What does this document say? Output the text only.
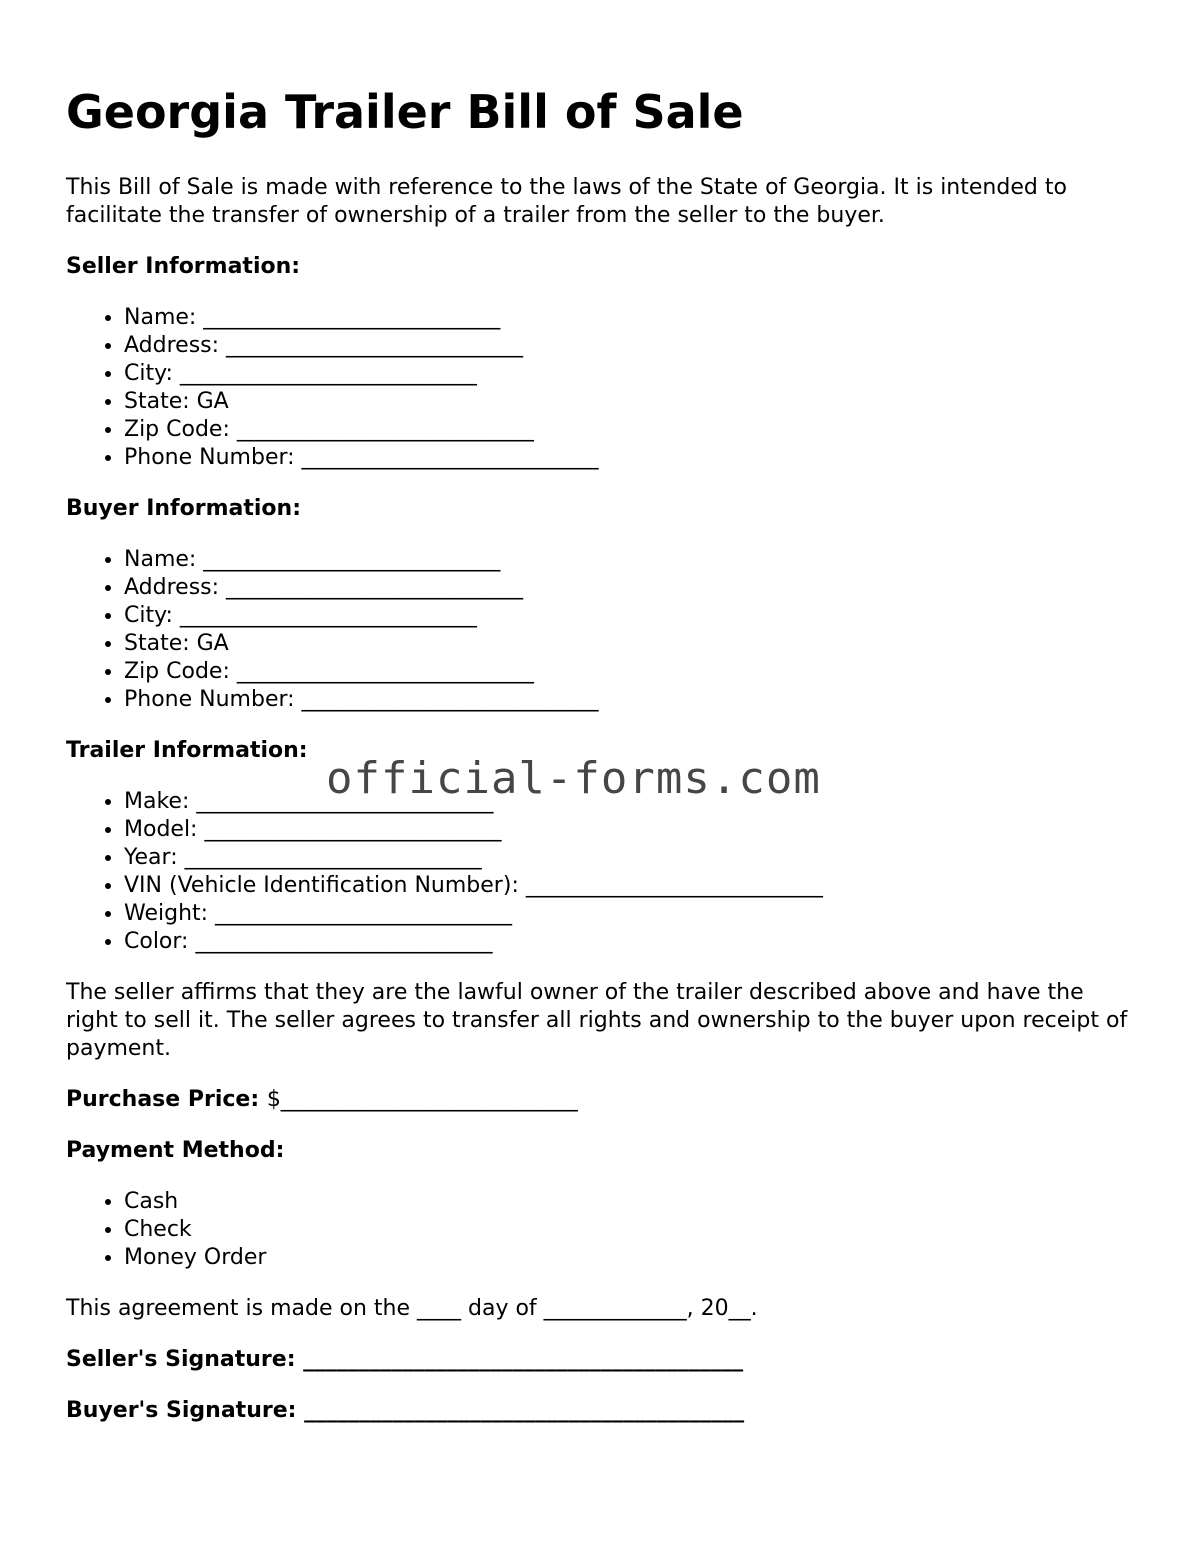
Georgia Trailer Bill of Sale

This Bill of Sale is made with reference to the laws of the State of Georgia. It is intended to facilitate the transfer of ownership of a trailer from the seller to the buyer.

Seller Information:
• Name: ___________________________
• Address: ___________________________
• City: ___________________________
• State: GA
• Zip Code: ___________________________
• Phone Number: ___________________________
Buyer Information:
• Name: ___________________________
• Address: ___________________________
• City: ___________________________
• State: GA
• Zip Code: ___________________________
• Phone Number: ___________________________
Trailer Information:
• Make: ___________________________
• Model: ___________________________
• Year: ___________________________
• VIN (Vehicle Identification Number): ___________________________
• Weight: ___________________________
• Color: ___________________________

The seller affirms that they are the lawful owner of the trailer described above and have the right to sell it. The seller agrees to transfer all rights and ownership to the buyer upon receipt of payment.

Purchase Price: $___________________________
Payment Method:
• Cash
• Check
• Money Order

This agreement is made on the ____ day of _____________, 20__.

Seller's Signature: ________________________________________
Buyer's Signature: ________________________________________
official-forms.com
